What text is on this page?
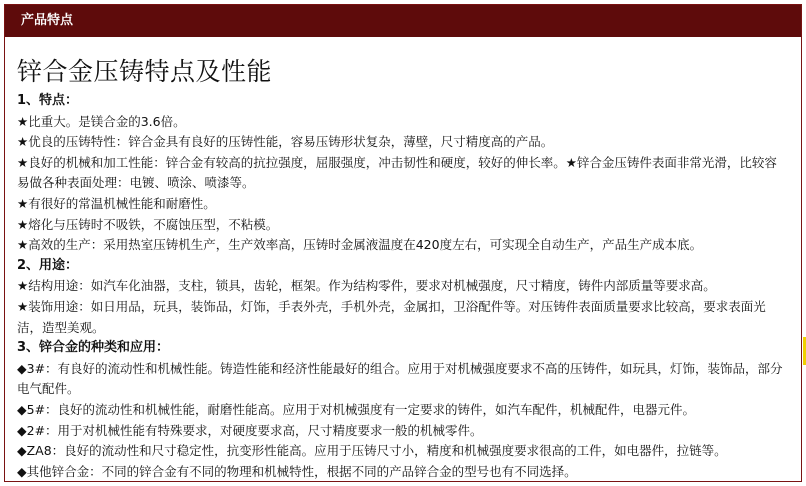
产品特点
锌合金压铸特点及性能

1、特点：

★比重大。是镁合金的3.6倍。

★优良的压铸特性：锌合金具有良好的压铸性能，容易压铸形状复杂，薄壁，尺寸精度高的产品。

★良好的机械和加工性能：锌合金有较高的抗拉强度，屈服强度，冲击韧性和硬度，较好的伸长率。★锌合金压铸件表面非常光滑，比较容易做各种表面处理：电镀、喷涂、喷漆等。

★有很好的常温机械性能和耐磨性。

★熔化与压铸时不吸铁，不腐蚀压型，不粘模。

★高效的生产：采用热室压铸机生产，生产效率高，压铸时金属液温度在420度左右，可实现全自动生产，产品生产成本底。

2、用途：

★结构用途：如汽车化油器，支柱，锁具，齿轮，框架。作为结构零件，要求对机械强度，尺寸精度，铸件内部质量等要求高。

★装饰用途：如日用品，玩具，装饰品，灯饰，手表外壳，手机外壳，金属扣，卫浴配件等。对压铸件表面质量要求比较高，要求表面光洁，造型美观。

3、锌合金的种类和应用：

◆3#：有良好的流动性和机械性能。铸造性能和经济性能最好的组合。应用于对机械强度要求不高的压铸件，如玩具，灯饰，装饰品，部分电气配件。

◆5#：良好的流动性和机械性能，耐磨性能高。应用于对机械强度有一定要求的铸件，如汽车配件，机械配件，电器元件。

◆2#：用于对机械性能有特殊要求，对硬度要求高，尺寸精度要求一般的机械零件。

◆ZA8：良好的流动性和尺寸稳定性，抗变形性能高。应用于压铸尺寸小，精度和机械强度要求很高的工件，如电器件，拉链等。

◆其他锌合金：不同的锌合金有不同的物理和机械特性，根据不同的产品锌合金的型号也有不同选择。
